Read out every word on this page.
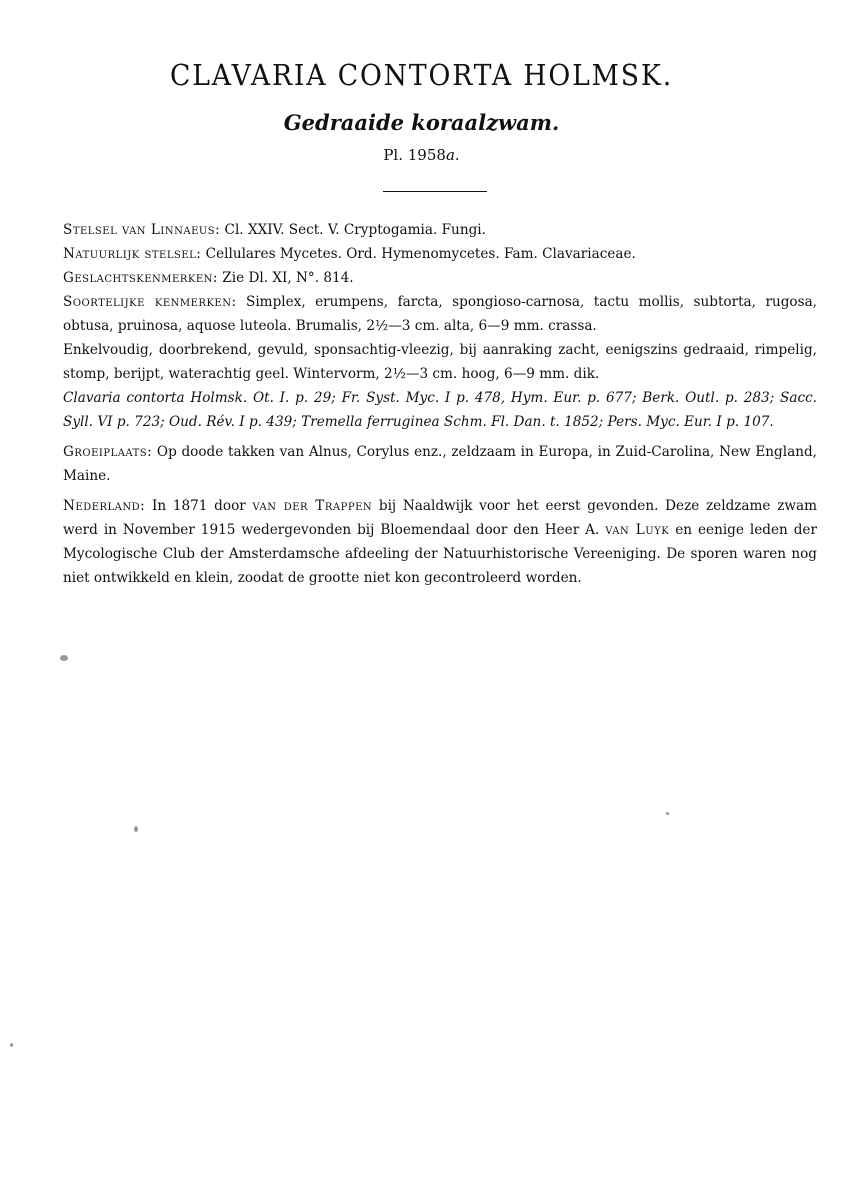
CLAVARIA CONTORTA HOLMSK.
Gedraaide koraalzwam.
Pl. 1958a.

Stelsel van Linnaeus: Cl. XXIV. Sect. V. Cryptogamia. Fungi.

Natuurlijk stelsel: Cellulares Mycetes. Ord. Hymenomycetes. Fam. Clavariaceae.

Geslachtskenmerken: Zie Dl. XI, N°. 814.

Soortelijke kenmerken: Simplex, erumpens, farcta, spongioso-carnosa, tactu mollis, subtorta, rugosa, obtusa, pruinosa, aquose luteola. Brumalis, 2½—3 cm. alta, 6—9 mm. crassa.

Enkelvoudig, doorbrekend, gevuld, sponsachtig-vleezig, bij aanraking zacht, eenigszins gedraaid, rimpelig, stomp, berijpt, waterachtig geel. Wintervorm, 2½—3 cm. hoog, 6—9 mm. dik.

Clavaria contorta Holmsk. Ot. I. p. 29; Fr. Syst. Myc. I p. 478, Hym. Eur. p. 677; Berk. Outl. p. 283; Sacc. Syll. VI p. 723; Oud. Rév. I p. 439; Tremella ferruginea Schm. Fl. Dan. t. 1852; Pers. Myc. Eur. I p. 107.

Groeiplaats: Op doode takken van Alnus, Corylus enz., zeldzaam in Europa, in Zuid-Carolina, New England, Maine.

Nederland: In 1871 door van der Trappen bij Naaldwijk voor het eerst gevonden. Deze zeldzame zwam werd in November 1915 wedergevonden bij Bloemendaal door den Heer A. van Luyk en eenige leden der Mycologische Club der Amsterdamsche afdeeling der Natuurhistorische Vereeniging. De sporen waren nog niet ontwikkeld en klein, zoodat de grootte niet kon gecontroleerd worden.
